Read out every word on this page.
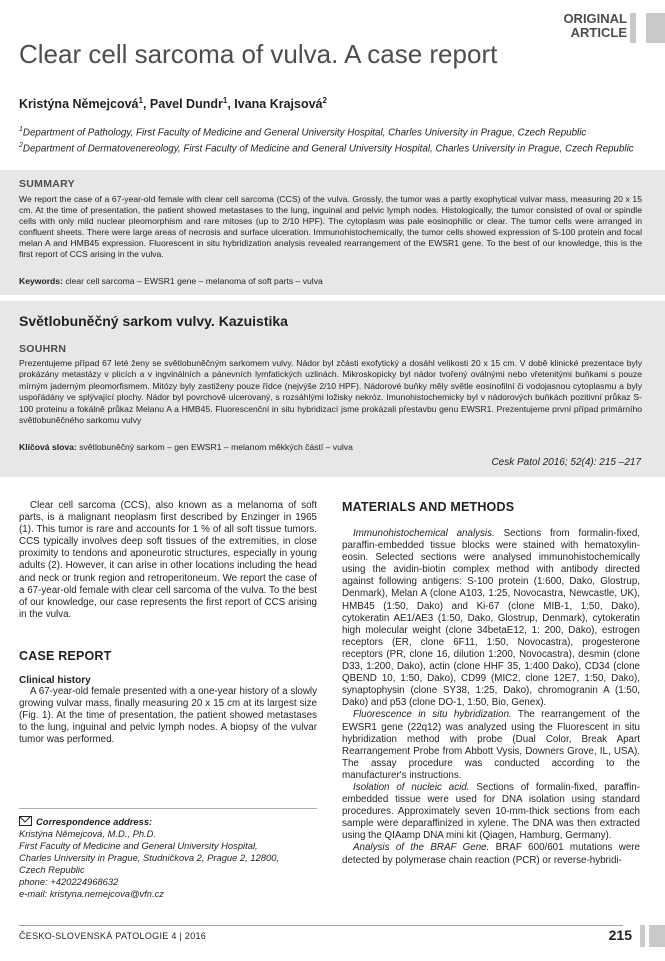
ORIGINAL
ARTICLE
Clear cell sarcoma of vulva. A case report
Kristýna Němejcová$^1$, Pavel Dundr$^1$, Ivana Krajsová$^2$
$^1$Department of Pathology, First Faculty of Medicine and General University Hospital, Charles University in Prague, Czech Republic
$^2$Department of Dermatovenereology, First Faculty of Medicine and General University Hospital, Charles University in Prague, Czech Republic
SUMMARY
We report the case of a 67-year-old female with clear cell sarcoma (CCS) of the vulva. Grossly, the tumor was a partly exophytical vulvar mass, measuring 20 x 15 cm. At the time of presentation, the patient showed metastases to the lung, inguinal and pelvic lymph nodes. Histologically, the tumor consisted of oval or spindle cells with only mild nuclear pleomorphism and rare mitoses (up to 2/10 HPF). The cytoplasm was pale eosinophilic or clear. The tumor cells were arranged in confluent sheets. There were large areas of necrosis and surface ulceration. Immunohistochemically, the tumor cells showed expression of S-100 protein and focal melan A and HMB45 expression. Fluorescent in situ hybridization analysis revealed rearrangement of the EWSR1 gene. To the best of our knowledge, this is the first report of CCS arising in the vulva.
Keywords: clear cell sarcoma – EWSR1 gene – melanoma of soft parts – vulva
Světlobuněčný sarkom vulvy. Kazuistika
SOUHRN
Prezentujeme případ 67 leté ženy se světlobuněčným sarkomem vulvy. Nádor byl zčásti exofytický a dosáhl velikosti 20 x 15 cm. V době klinické prezentace byly prokázány metastázy v plicích a v ingvinálních a pánevních lymfatických uzlinách. Mikroskopicky byl nádor tvořený oválnými nebo vřetenitými buňkami s pouze mírným jaderným pleomorfismem. Mitózy byly zastiženy pouze řídce (nejvýše 2/10 HPF). Nádorové buňky měly světle eosinofilní či vodojasnou cytoplasmu a byly uspořádány ve splývající plochy. Nádor byl povrchově ulcerovaný, s rozsáhlými ložisky nekróz. Imunohistochemicky byl v nádorových buňkách pozitivní průkaz S-100 proteinu a fokálně průkaz Melanu A a HMB45. Fluorescenční in situ hybridizací jsme prokázali přestavbu genu EWSR1. Prezentujeme první případ primárního světlobuněčného sarkomu vulvy
Klíčová slova: světlobuněčný sarkom – gen EWSR1 – melanom měkkých částí – vulva
Cesk Patol 2016; 52(4): 215 –217

Clear cell sarcoma (CCS), also known as a melanoma of soft parts, is a malignant neoplasm first described by Enzinger in 1965 (1). This tumor is rare and accounts for 1 % of all soft tissue tumors. CCS typically involves deep soft tissues of the extremities, in close proximity to tendons and aponeurotic structures, especially in young adults (2). However, it can arise in other locations including the head and neck or trunk region and retroperitoneum. We report the case of a 67-year-old female with clear cell sarcoma of the vulva. To the best of our knowledge, our case represents the first report of CCS arising in the vulva.

CASE REPORT

Clinical history

A 67-year-old female presented with a one-year history of a slowly growing vulvar mass, finally measuring 20 x 15 cm at its largest size (Fig. 1). At the time of presentation, the patient showed metastases to the lung, inguinal and pelvic lymph nodes. A biopsy of the vulvar tumor was performed.

Correspondence address:
Kristýna Němejcová, M.D., Ph.D.
First Faculty of Medicine and General University Hospital,
Charles University in Prague, Studničkova 2, Prague 2, 12800,
Czech Republic
phone: +420224968632
e-mail: kristyna.nemejcova@vfn.cz

MATERIALS AND METHODS

Immunohistochemical analysis. Sections from formalin-fixed, paraffin-embedded tissue blocks were stained with hematoxylin-eosin. Selected sections were analysed immunohistochemically using the avidin-biotin complex method with antibody directed against following antigens: S-100 protein (1:600, Dako, Glostrup, Denmark), Melan A (clone A103, 1:25, Novocastra, Newcastle, UK), HMB45 (1:50, Dako) and Ki-67 (clone MIB-1, 1:50, Dako), cytokeratin AE1/AE3 (1:50, Dako, Glostrup, Denmark), cytokeratin high molecular weight (clone 34betaE12, 1: 200, Dako), estrogen receptors (ER, clone 6F11, 1:50, Novocastra), progesterone receptors (PR, clone 16, dilution 1:200, Novocastra), desmin (clone D33, 1:200, Dako), actin (clone HHF 35, 1:400 Dako), CD34 (clone QBEND 10, 1:50, Dako), CD99 (MIC2, clone 12E7, 1:50, Dako), synaptophysin (clone SY38, 1:25, Dako), chromogranin A (1:50, Dako) and p53 (clone DO-1, 1:50, Bio, Genex).

Fluorescence in situ hybridization. The rearrangement of the EWSR1 gene (22q12) was analyzed using the Fluorescent in situ hybridization method with probe (Dual Color, Break Apart Rearrangement Probe from Abbott Vysis, Downers Grove, IL, USA). The assay procedure was conducted according to the manufacturer's instructions.

Isolation of nucleic acid. Sections of formalin-fixed, paraffin-embedded tissue were used for DNA isolation using standard procedures. Approximately seven 10-mm-thick sections from each sample were deparaffinized in xylene. The DNA was then extracted using the QIAamp DNA mini kit (Qiagen, Hamburg, Germany).

Analysis of the BRAF Gene. BRAF 600/601 mutations were detected by polymerase chain reaction (PCR) or reverse-hybridi-

ČESKO-SLOVENSKÁ PATOLOGIE 4 | 2016	215
